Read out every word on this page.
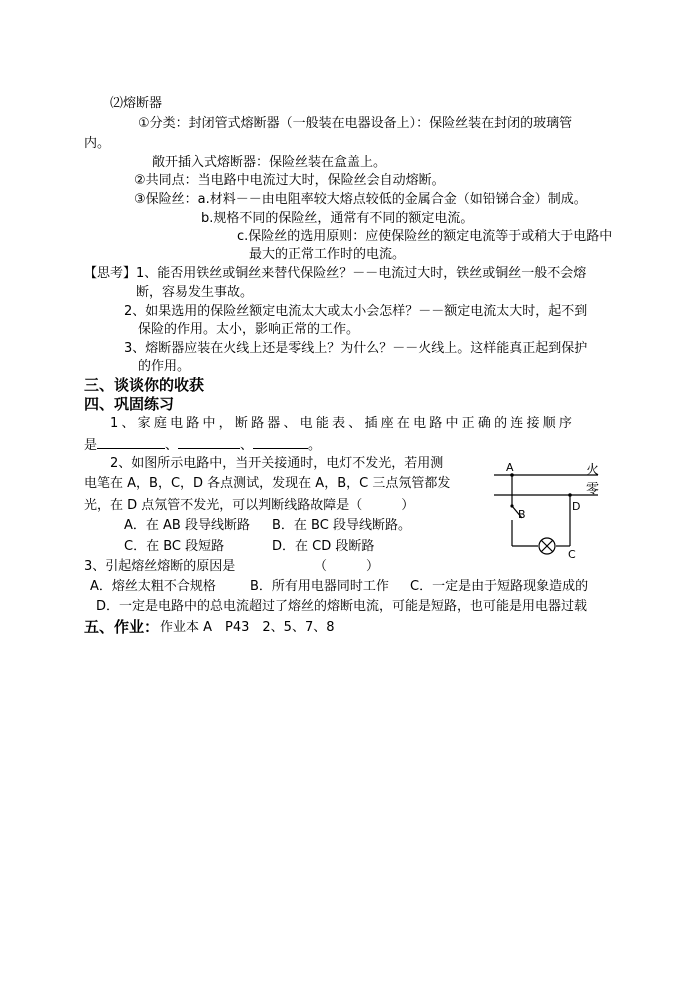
⑵熔断器
①分类：封闭管式熔断器（一般装在电器设备上）：保险丝装在封闭的玻璃管
内。
敞开插入式熔断器：保险丝装在盒盖上。
②共同点：当电路中电流过大时，保险丝会自动熔断。
③保险丝：a.材料－－由电阻率较大熔点较低的金属合金（如铅锑合金）制成。
b.规格不同的保险丝，通常有不同的额定电流。
c.保险丝的选用原则：应使保险丝的额定电流等于或稍大于电路中
最大的正常工作时的电流。
【思考】1、能否用铁丝或铜丝来替代保险丝？－－电流过大时，铁丝或铜丝一般不会熔
断，容易发生事故。
2、如果选用的保险丝额定电流太大或太小会怎样？－－额定电流太大时，起不到
保险的作用。太小，影响正常的工作。
3、熔断器应装在火线上还是零线上？为什么？－－火线上。这样能真正起到保护
的作用。
三、谈谈你的收获
四、巩固练习
1、家庭电路中，断路器、电能表、插座在电路中正确的连接顺序
是	、	、	。
2、如图所示电路中，当开关接通时，电灯不发光，若用测
电笔在 A，B，C，D 各点测试，发现在 A，B，C 三点氖管都发
光，在 D 点氖管不发光，可以判断线路故障是（　　　）
A．在 AB 段导线断路 B．在 BC 段导线断路。
C．在 BC 段短路	D．在 CD 段断路
3、引起熔丝熔断的原因是	（　　　）
A．熔丝太粗不合规格	B．所有用电器同时工作 C．一定是由于短路现象造成的
D．一定是电路中的总电流超过了熔丝的熔断电流，可能是短路，也可能是用电器过载
五、作业： 作业本 A　P43　2、5、7、8
A
B
D
C
火
零
